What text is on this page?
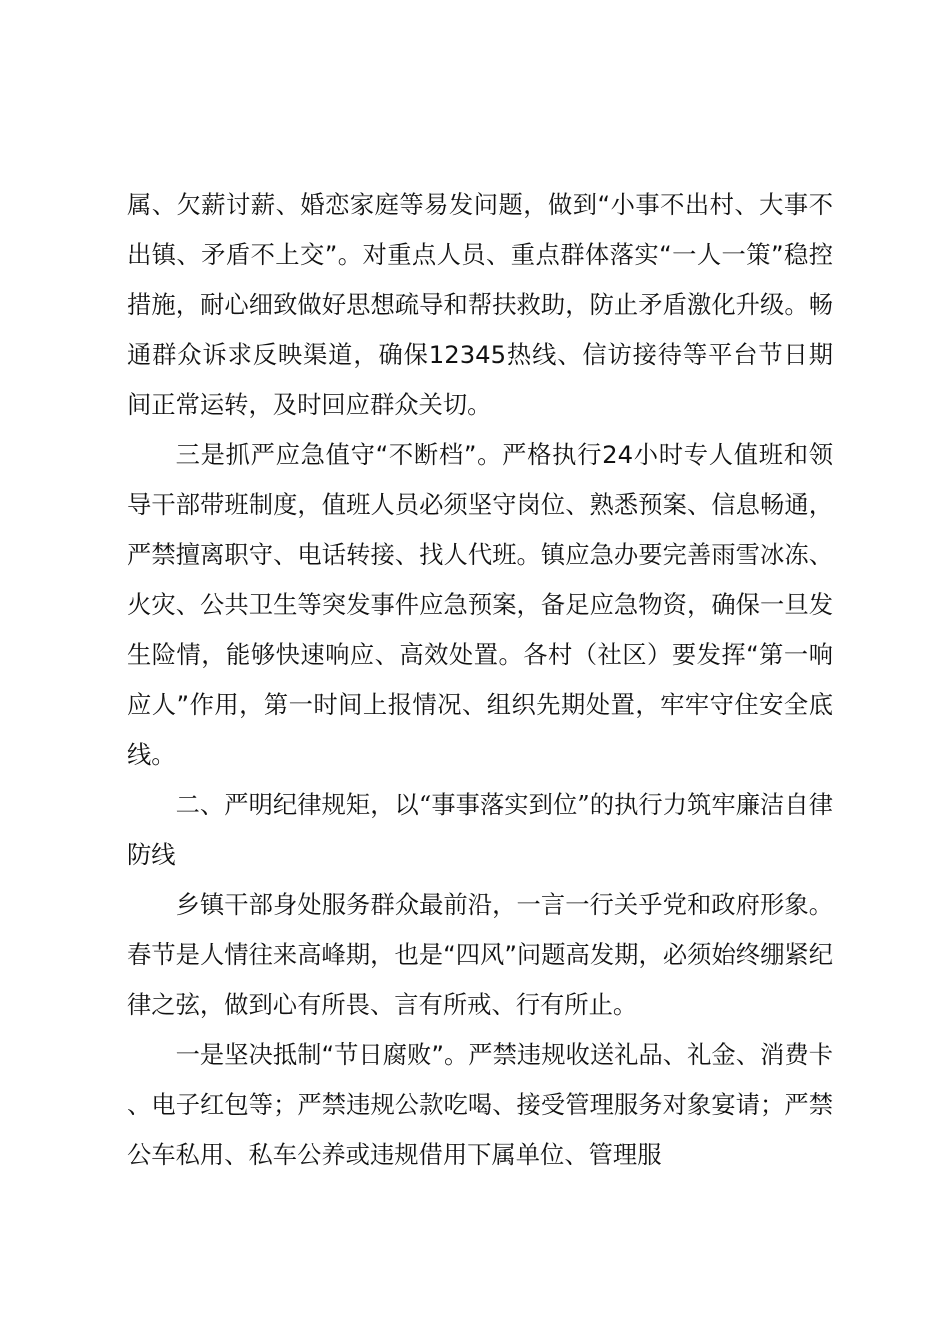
属、欠薪讨薪、婚恋家庭等易发问题，做到“小事不出村、大事不出镇、矛盾不上交”。对重点人员、重点群体落实“一人一策”稳控措施，耐心细致做好思想疏导和帮扶救助，防止矛盾激化升级。畅通群众诉求反映渠道，确保12345热线、信访接待等平台节日期间正常运转，及时回应群众关切。

三是抓严应急值守“不断档”。严格执行24小时专人值班和领导干部带班制度，值班人员必须坚守岗位、熟悉预案、信息畅通，严禁擅离职守、电话转接、找人代班。镇应急办要完善雨雪冰冻、火灾、公共卫生等突发事件应急预案，备足应急物资，确保一旦发生险情，能够快速响应、高效处置。各村（社区）要发挥“第一响应人”作用，第一时间上报情况、组织先期处置，牢牢守住安全底线。

二、严明纪律规矩，以“事事落实到位”的执行力筑牢廉洁自律防线

乡镇干部身处服务群众最前沿，一言一行关乎党和政府形象。春节是人情往来高峰期，也是“四风”问题高发期，必须始终绷紧纪律之弦，做到心有所畏、言有所戒、行有所止。

一是坚决抵制“节日腐败”。严禁违规收送礼品、礼金、消费卡、电子红包等；严禁违规公款吃喝、接受管理服务对象宴请；严禁公车私用、私车公养或违规借用下属单位、管理服
